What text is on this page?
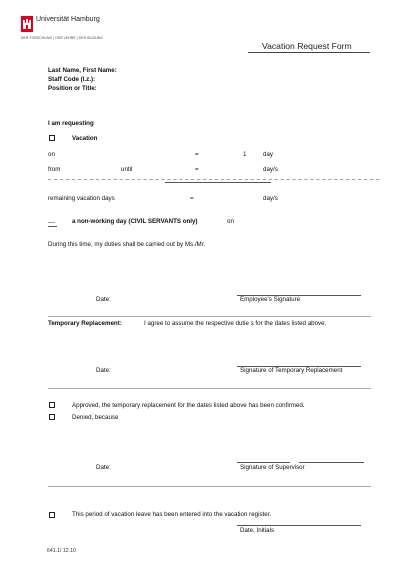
Universität Hamburg
DER FORSCHUNG | DER LEHRE | DER BILDUNG
Vacation Request Form
Last Name, First Name:
Staff Code (I.z.):
Position or Title:
I am requesting
Vacation
on	=	1	day
from	until	=	day/s
– – – – – – – – – – – – – – – – – – – – – – – – – – – – – – – – – – – – – – – – – – – – – – – – – – – – – – – –
remaining vacation days	=	day/s
__	a non-working day (CIVIL SERVANTS only)	on
During this time, my duties shall be carried out by Ms./Mr.
Date:	Employee’s Signature
Temporary Replacement:	I agree to assume the respective dutie s for the dates listed above.
Date:	Signature of Temporary Replacement
Approved, the temporary replacement for the dates listed above has been confirmed.
Denied, because
Date:	Signature of Supervisor
This period of vacation leave has been entered into the vacation register.
Date, Initials
641.1/ 12.10
